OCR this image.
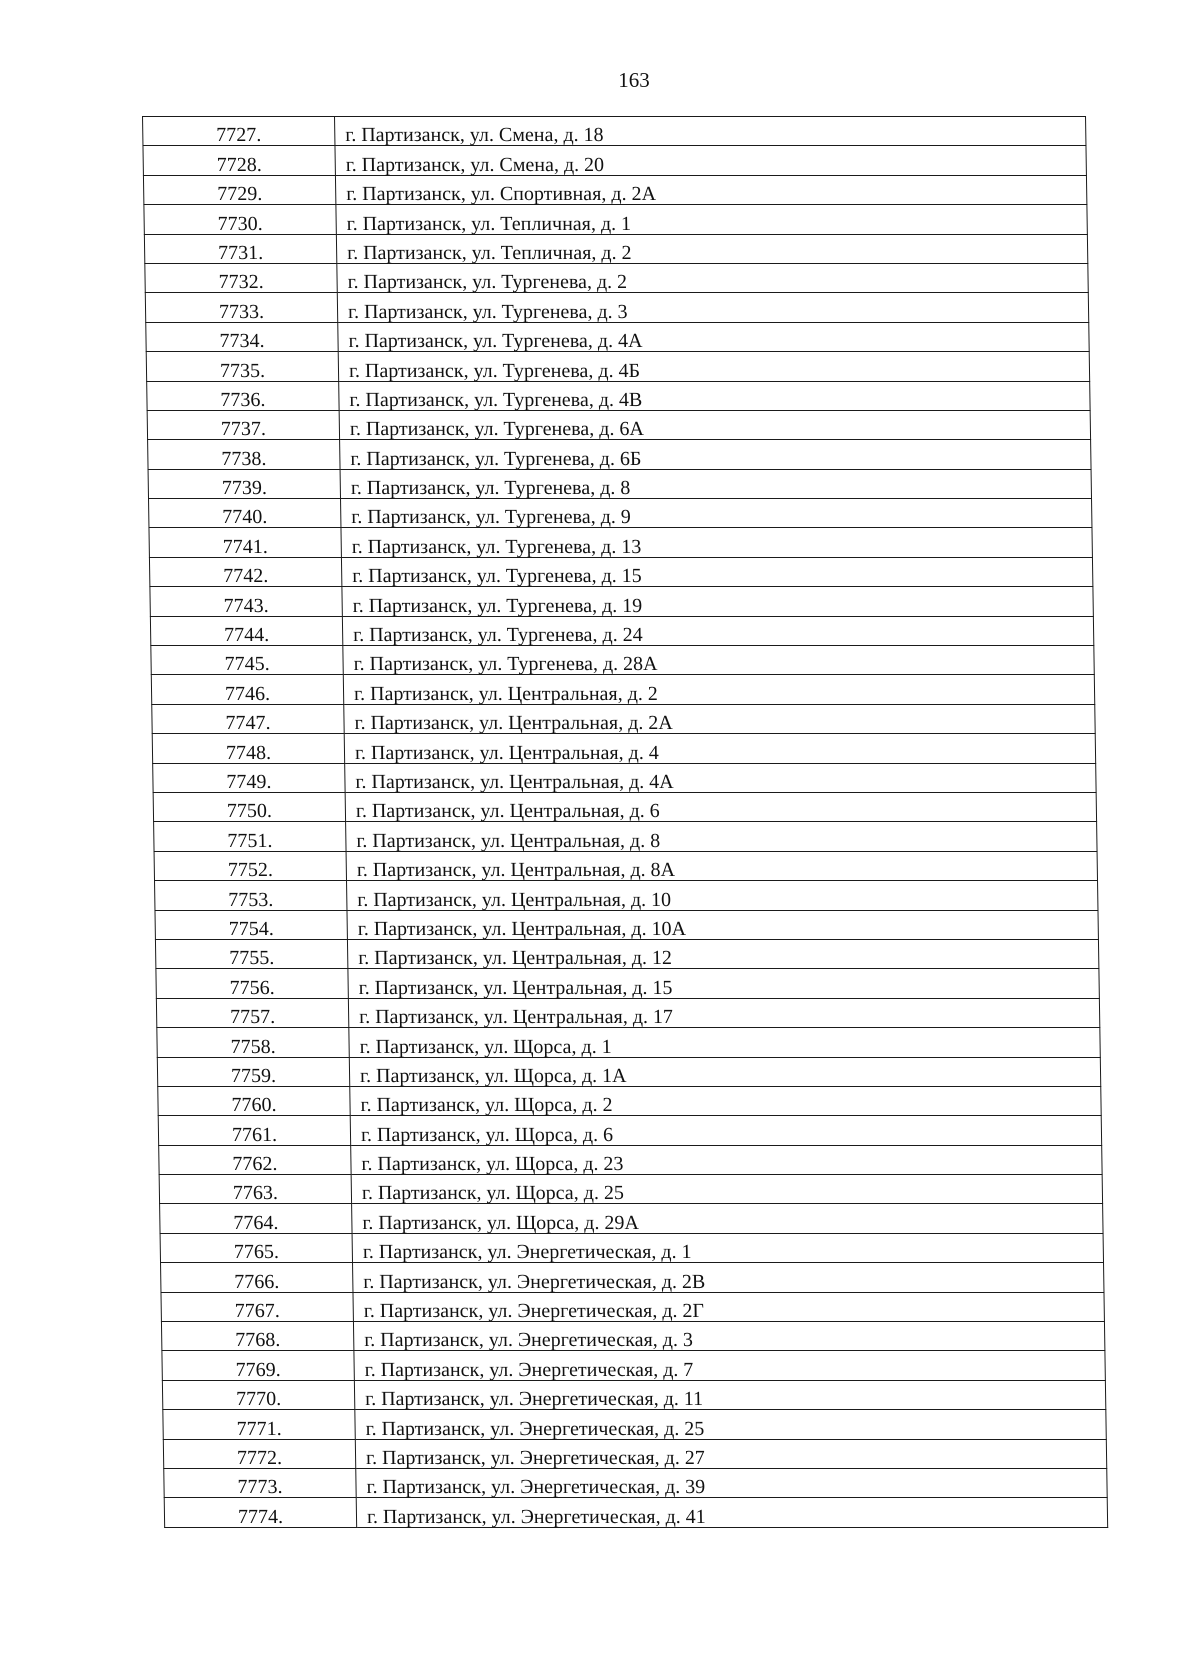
163
7727.	г. Партизанск, ул. Смена, д. 18
7728.	г. Партизанск, ул. Смена, д. 20
7729.	г. Партизанск, ул. Спортивная, д. 2А
7730.	г. Партизанск, ул. Тепличная, д. 1
7731.	г. Партизанск, ул. Тепличная, д. 2
7732.	г. Партизанск, ул. Тургенева, д. 2
7733.	г. Партизанск, ул. Тургенева, д. 3
7734.	г. Партизанск, ул. Тургенева, д. 4А
7735.	г. Партизанск, ул. Тургенева, д. 4Б
7736.	г. Партизанск, ул. Тургенева, д. 4В
7737.	г. Партизанск, ул. Тургенева, д. 6А
7738.	г. Партизанск, ул. Тургенева, д. 6Б
7739.	г. Партизанск, ул. Тургенева, д. 8
7740.	г. Партизанск, ул. Тургенева, д. 9
7741.	г. Партизанск, ул. Тургенева, д. 13
7742.	г. Партизанск, ул. Тургенева, д. 15
7743.	г. Партизанск, ул. Тургенева, д. 19
7744.	г. Партизанск, ул. Тургенева, д. 24
7745.	г. Партизанск, ул. Тургенева, д. 28А
7746.	г. Партизанск, ул. Центральная, д. 2
7747.	г. Партизанск, ул. Центральная, д. 2А
7748.	г. Партизанск, ул. Центральная, д. 4
7749.	г. Партизанск, ул. Центральная, д. 4А
7750.	г. Партизанск, ул. Центральная, д. 6
7751.	г. Партизанск, ул. Центральная, д. 8
7752.	г. Партизанск, ул. Центральная, д. 8А
7753.	г. Партизанск, ул. Центральная, д. 10
7754.	г. Партизанск, ул. Центральная, д. 10А
7755.	г. Партизанск, ул. Центральная, д. 12
7756.	г. Партизанск, ул. Центральная, д. 15
7757.	г. Партизанск, ул. Центральная, д. 17
7758.	г. Партизанск, ул. Щорса, д. 1
7759.	г. Партизанск, ул. Щорса, д. 1А
7760.	г. Партизанск, ул. Щорса, д. 2
7761.	г. Партизанск, ул. Щорса, д. 6
7762.	г. Партизанск, ул. Щорса, д. 23
7763.	г. Партизанск, ул. Щорса, д. 25
7764.	г. Партизанск, ул. Щорса, д. 29А
7765.	г. Партизанск, ул. Энергетическая, д. 1
7766.	г. Партизанск, ул. Энергетическая, д. 2В
7767.	г. Партизанск, ул. Энергетическая, д. 2Г
7768.	г. Партизанск, ул. Энергетическая, д. 3
7769.	г. Партизанск, ул. Энергетическая, д. 7
7770.	г. Партизанск, ул. Энергетическая, д. 11
7771.	г. Партизанск, ул. Энергетическая, д. 25
7772.	г. Партизанск, ул. Энергетическая, д. 27
7773.	г. Партизанск, ул. Энергетическая, д. 39
7774.	г. Партизанск, ул. Энергетическая, д. 41
